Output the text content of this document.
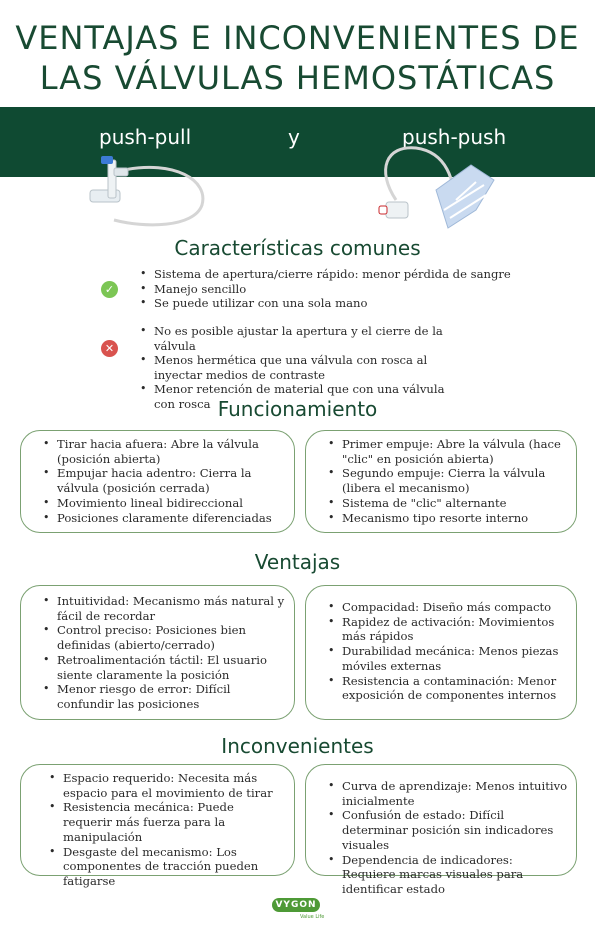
VENTAJAS E INCONVENIENTES DE
LAS VÁLVULAS HEMOSTÁTICAS
push-pull	y	push-push
Características comunes
✓
• Sistema de apertura/cierre rápido: menor pérdida de sangre
• Manejo sencillo
• Se puede utilizar con una sola mano
✕
• No es posible ajustar la apertura y el cierre de la válvula
• Menos hermética que una válvula con rosca al inyectar medios de contraste
• Menor retención de material que con una válvula con rosca Funcionamiento
• Tirar hacia afuera: Abre la válvula (posición abierta)
• Empujar hacia adentro: Cierra la válvula (posición cerrada)
• Movimiento lineal bidireccional
• Posiciones claramente diferenciadas
• Primer empuje: Abre la válvula (hace "clic" en posición abierta)
• Segundo empuje: Cierra la válvula (libera el mecanismo)
• Sistema de "clic" alternante
• Mecanismo tipo resorte interno
Ventajas
• Intuitividad: Mecanismo más natural y fácil de recordar
• Control preciso: Posiciones bien definidas (abierto/cerrado)
• Retroalimentación táctil: El usuario siente claramente la posición
• Menor riesgo de error: Difícil confundir las posiciones
• Compacidad: Diseño más compacto
• Rapidez de activación: Movimientos más rápidos
• Durabilidad mecánica: Menos piezas móviles externas
• Resistencia a contaminación: Menor exposición de componentes internos
Inconvenientes
• Espacio requerido: Necesita más espacio para el movimiento de tirar
• Resistencia mecánica: Puede requerir más fuerza para la manipulación
• Desgaste del mecanismo: Los componentes de tracción pueden fatigarse
• Curva de aprendizaje: Menos intuitivo inicialmente
• Confusión de estado: Difícil determinar posición sin indicadores visuales
• Dependencia de indicadores: Requiere marcas visuales para identificar estado
VYGON
Value Life
